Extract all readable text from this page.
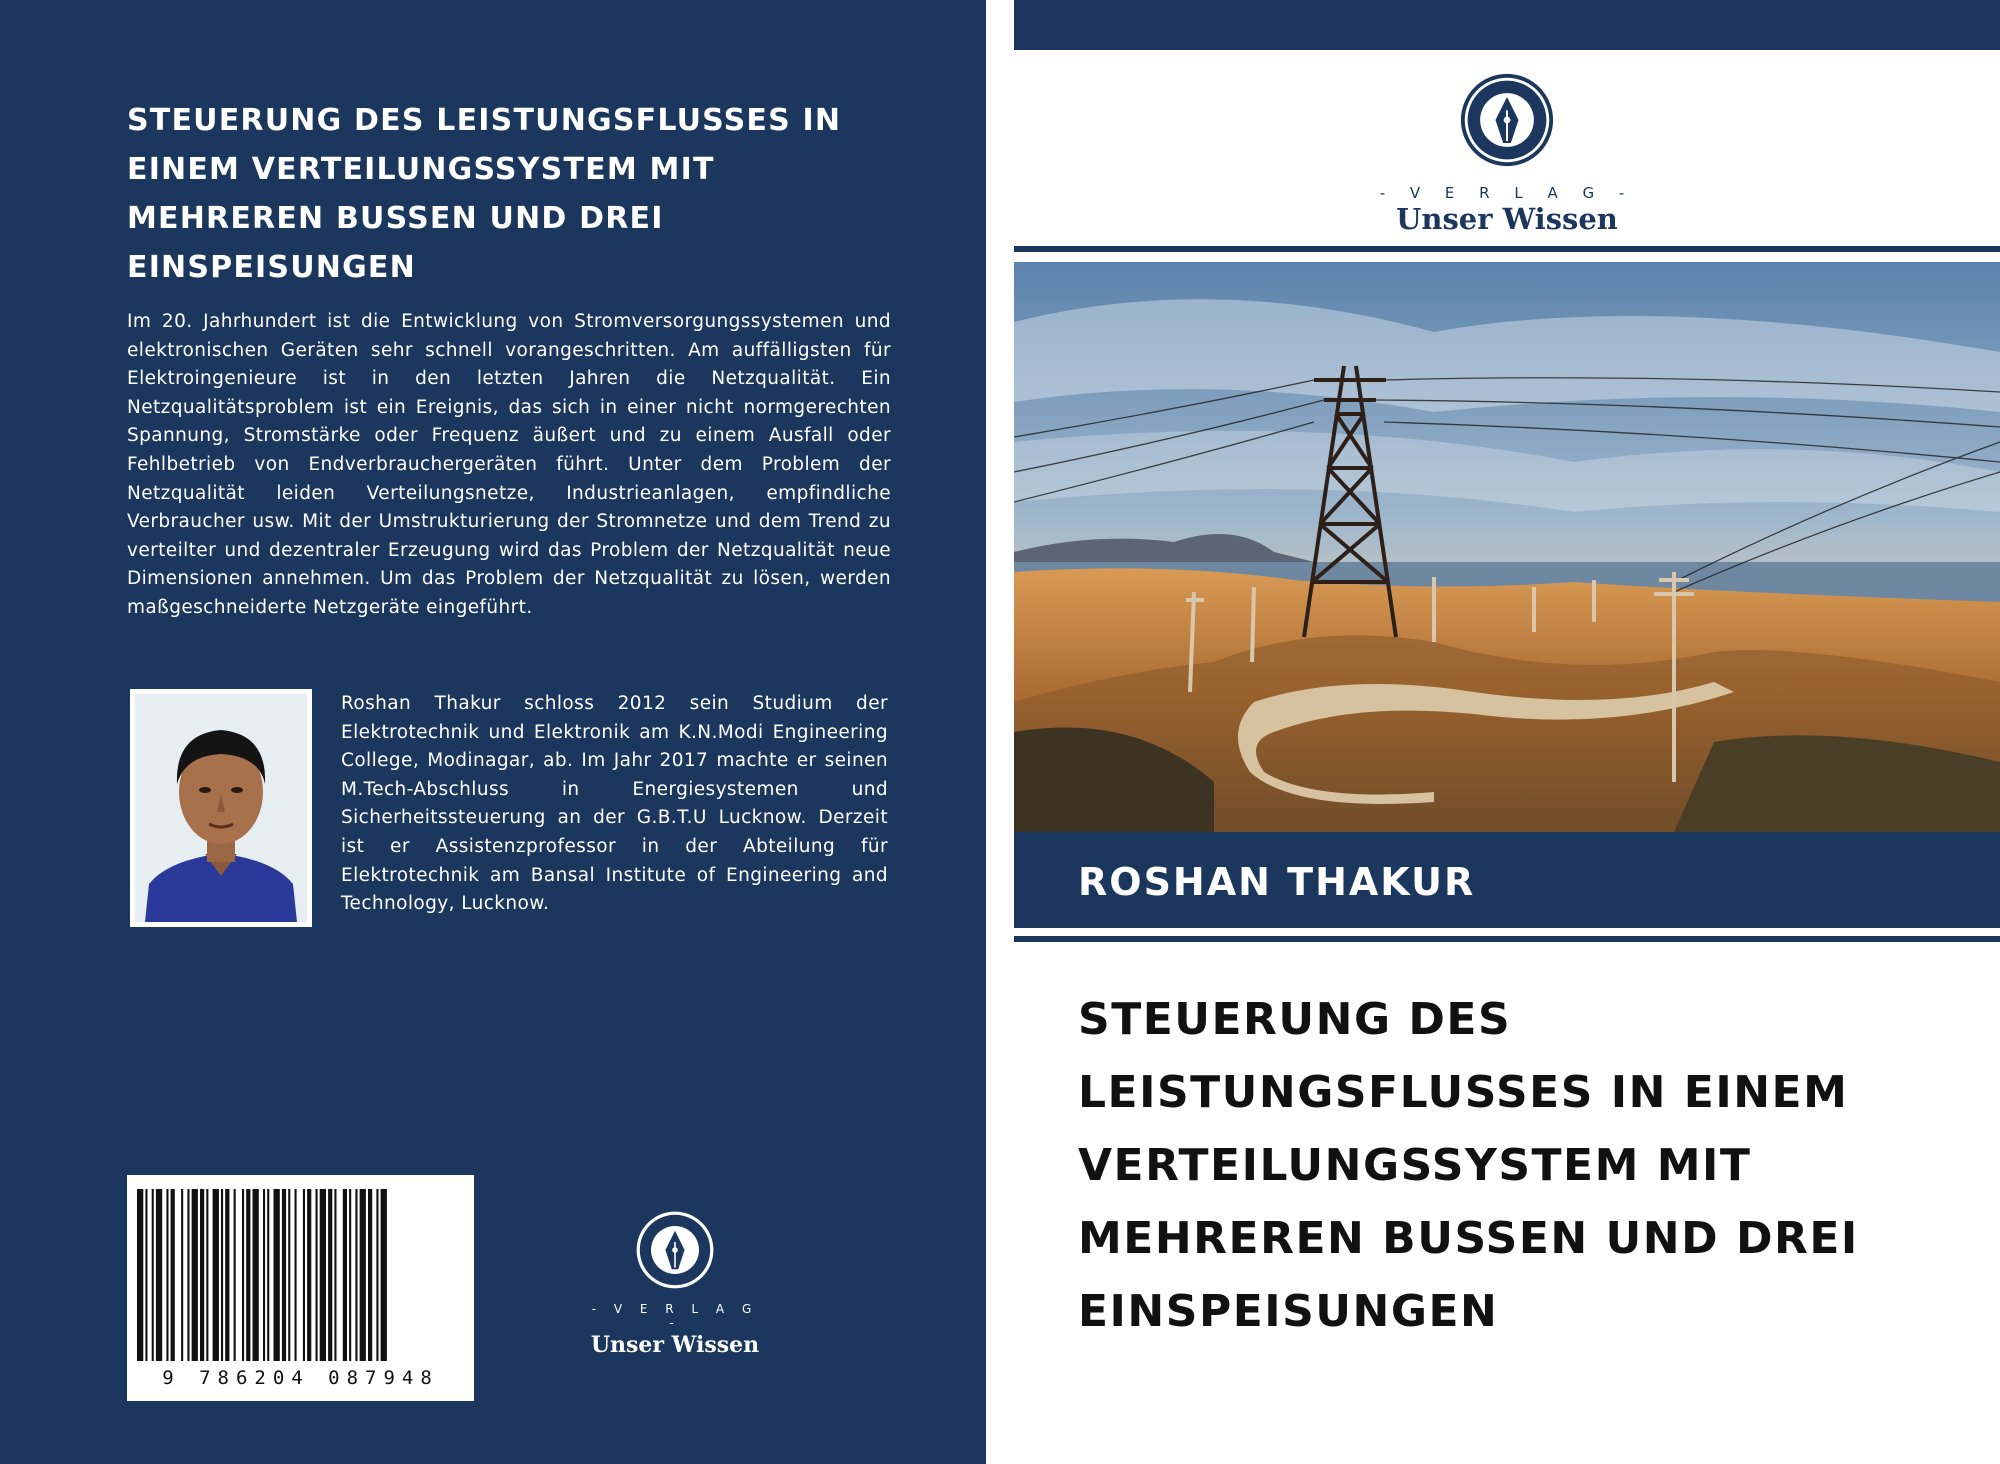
STEUERUNG DES LEISTUNGSFLUSSES IN EINEM VERTEILUNGSSYSTEM MIT MEHREREN BUSSEN UND DREI EINSPEISUNGEN

Im 20. Jahrhundert ist die Entwicklung von Stromversorgungssystemen und elektronischen Geräten sehr schnell vorangeschritten. Am auffälligsten für Elektroingenieure ist in den letzten Jahren die Netzqualität. Ein Netzqualitätsproblem ist ein Ereignis, das sich in einer nicht normgerechten Spannung, Stromstärke oder Frequenz äußert und zu einem Ausfall oder Fehlbetrieb von Endverbrauchergeräten führt. Unter dem Problem der Netzqualität leiden Verteilungsnetze, Industrieanlagen, empfindliche Verbraucher usw. Mit der Umstrukturierung der Stromnetze und dem Trend zu verteilter und dezentraler Erzeugung wird das Problem der Netzqualität neue Dimensionen annehmen. Um das Problem der Netzqualität zu lösen, werden maßgeschneiderte Netzgeräte eingeführt.

Roshan Thakur schloss 2012 sein Studium der Elektrotechnik und Elektronik am K.N.Modi Engineering College, Modinagar, ab. Im Jahr 2017 machte er seinen M.Tech-Abschluss in Energiesystemen und Sicherheitssteuerung an der G.B.T.U Lucknow. Derzeit ist er Assistenzprofessor in der Abteilung für Elektrotechnik am Bansal Institute of Engineering and Technology, Lucknow.

9 786204 087948
- V E R L A G -
Unser Wissen
- V E R L A G -
Unser Wissen
ROSHAN THAKUR
STEUERUNG DES LEISTUNGSFLUSSES IN EINEM VERTEILUNGSSYSTEM MIT MEHREREN BUSSEN UND DREI EINSPEISUNGEN
